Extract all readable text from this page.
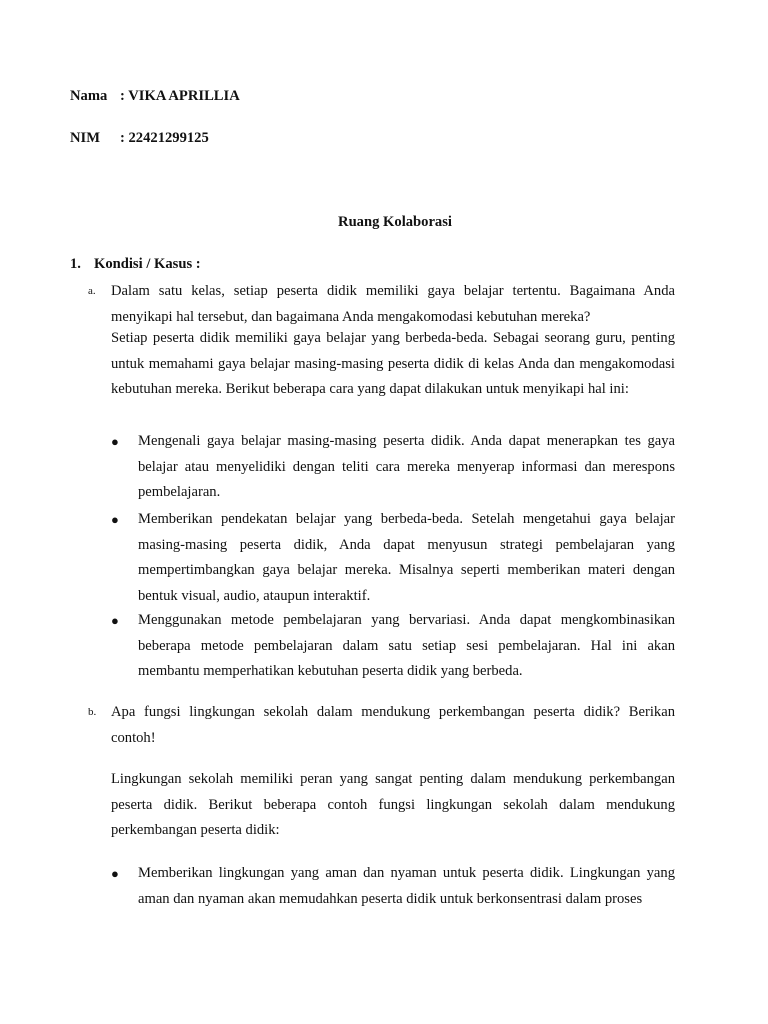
Nama : VIKA APRILLIA
NIM : 22421299125
Ruang Kolaborasi
1. Kondisi / Kasus :
a. Dalam satu kelas, setiap peserta didik memiliki gaya belajar tertentu. Bagaimana Anda menyikapi hal tersebut, dan bagaimana Anda mengakomodasi kebutuhan mereka?
Setiap peserta didik memiliki gaya belajar yang berbeda-beda. Sebagai seorang guru, penting untuk memahami gaya belajar masing-masing peserta didik di kelas Anda dan mengakomodasi kebutuhan mereka. Berikut beberapa cara yang dapat dilakukan untuk menyikapi hal ini:
● Mengenali gaya belajar masing-masing peserta didik. Anda dapat menerapkan tes gaya belajar atau menyelidiki dengan teliti cara mereka menyerap informasi dan merespons pembelajaran.
● Memberikan pendekatan belajar yang berbeda-beda. Setelah mengetahui gaya belajar masing-masing peserta didik, Anda dapat menyusun strategi pembelajaran yang mempertimbangkan gaya belajar mereka. Misalnya seperti memberikan materi dengan bentuk visual, audio, ataupun interaktif.
● Menggunakan metode pembelajaran yang bervariasi. Anda dapat mengkombinasikan beberapa metode pembelajaran dalam satu setiap sesi pembelajaran. Hal ini akan membantu memperhatikan kebutuhan peserta didik yang berbeda.
b. Apa fungsi lingkungan sekolah dalam mendukung perkembangan peserta didik? Berikan contoh!
Lingkungan sekolah memiliki peran yang sangat penting dalam mendukung perkembangan peserta didik. Berikut beberapa contoh fungsi lingkungan sekolah dalam mendukung perkembangan peserta didik:
● Memberikan lingkungan yang aman dan nyaman untuk peserta didik. Lingkungan yang aman dan nyaman akan memudahkan peserta didik untuk berkonsentrasi dalam proses
